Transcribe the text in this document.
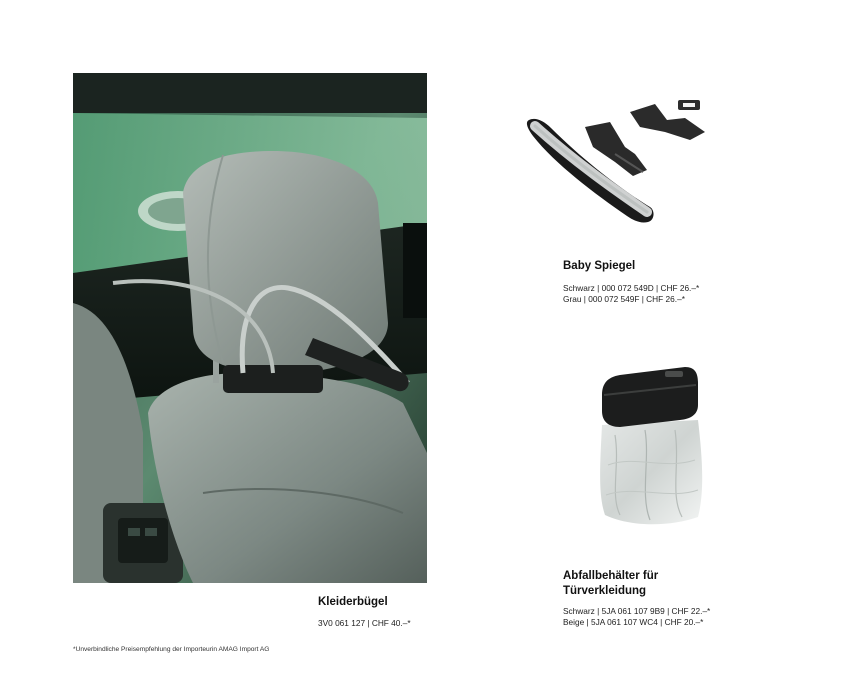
Baby Spiegel
Schwarz | 000 072 549D | CHF 26.–*
Grau | 000 072 549F | CHF 26.–*
Abfallbehälter für
Türverkleidung
Schwarz | 5JA 061 107 9B9 | CHF 22.–*
Beige | 5JA 061 107 WC4 | CHF 20.–*
Kleiderbügel
3V0 061 127 | CHF 40.–*
*Unverbindliche Preisempfehlung der Importeurin AMAG Import AG
